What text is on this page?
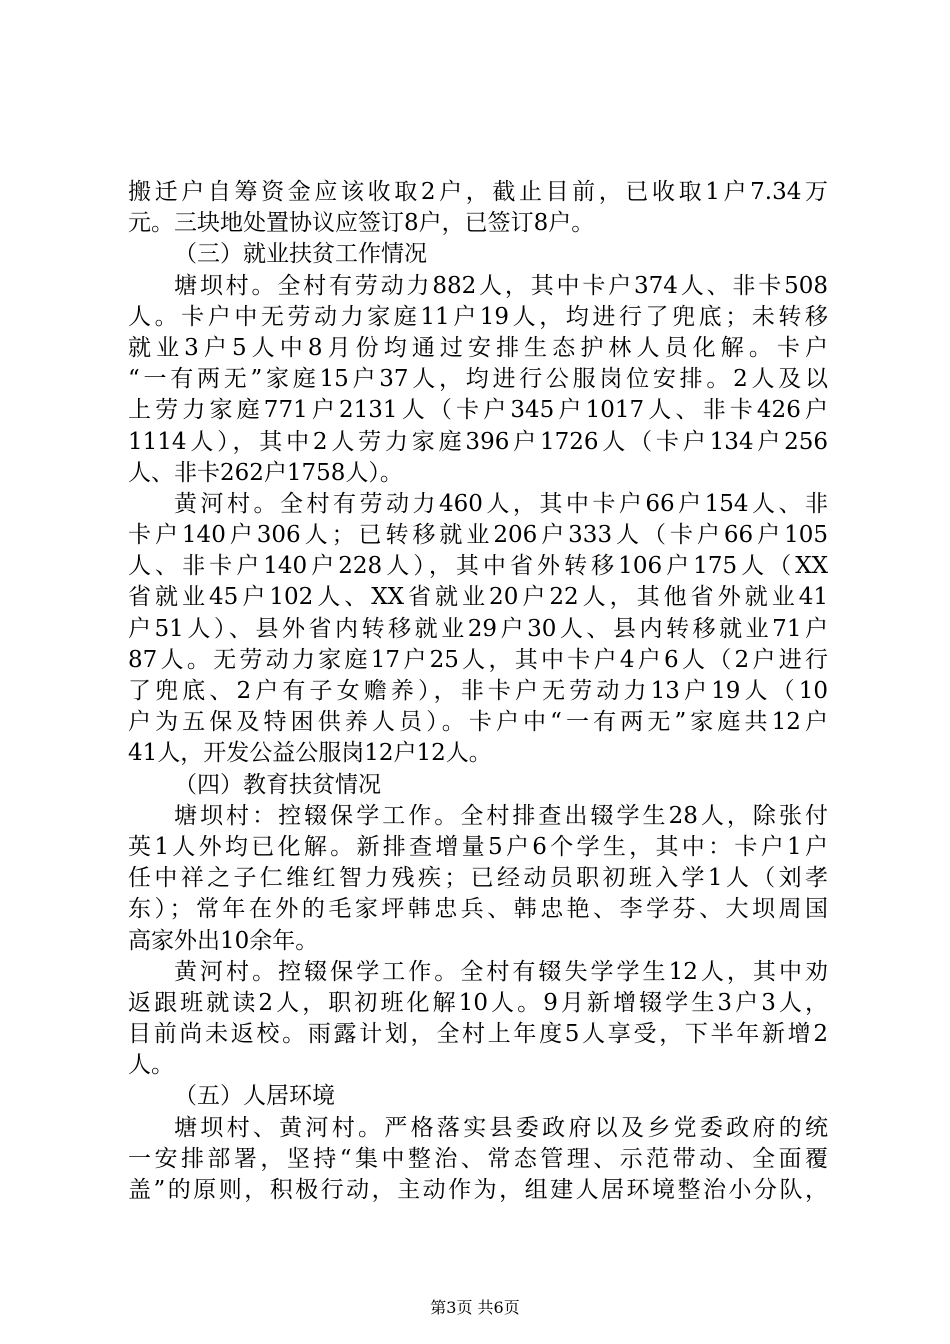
搬迁户自筹资金应该收取2户，截止目前，已收取1户7.34万
元。三块地处置协议应签订8户，已签订8户。
（三）就业扶贫工作情况
塘坝村。全村有劳动力882人，其中卡户374人、非卡508
人。卡户中无劳动力家庭11户19人，均进行了兜底；未转移
就业3户5人中8月份均通过安排生态护林人员化解。卡户
“一有两无”家庭15户37人，均进行公服岗位安排。2人及以
上劳力家庭771户2131人（卡户345户1017人、非卡426户
1114人），其中2人劳力家庭396户1726人（卡户134户256
人、非卡262户1758人）。
黄河村。全村有劳动力460人，其中卡户66户154人、非
卡户140户306人；已转移就业206户333人（卡户66户105
人、非卡户140户228人），其中省外转移106户175人（XX
省就业45户102人、XX省就业20户22人，其他省外就业41
户51人）、县外省内转移就业29户30人、县内转移就业71户
87人。无劳动力家庭17户25人，其中卡户4户6人（2户进行
了兜底、2户有子女赡养），非卡户无劳动力13户19人（10
户为五保及特困供养人员）。卡户中“一有两无”家庭共12户
41人，开发公益公服岗12户12人。
（四）教育扶贫情况
塘坝村：控辍保学工作。全村排查出辍学生28人，除张付
英1人外均已化解。新排查增量5户6个学生，其中：卡户1户
任中祥之子仁维红智力残疾；已经动员职初班入学1人（刘孝
东）；常年在外的毛家坪韩忠兵、韩忠艳、李学芬、大坝周国
高家外出10余年。
黄河村。控辍保学工作。全村有辍失学学生12人，其中劝
返跟班就读2人，职初班化解10人。9月新增辍学生3户3人，
目前尚未返校。雨露计划，全村上年度5人享受，下半年新增2
人。
（五）人居环境
塘坝村、黄河村。严格落实县委政府以及乡党委政府的统
一安排部署，坚持“集中整治、常态管理、示范带动、全面覆
盖”的原则，积极行动，主动作为，组建人居环境整治小分队，
第3页 共6页
